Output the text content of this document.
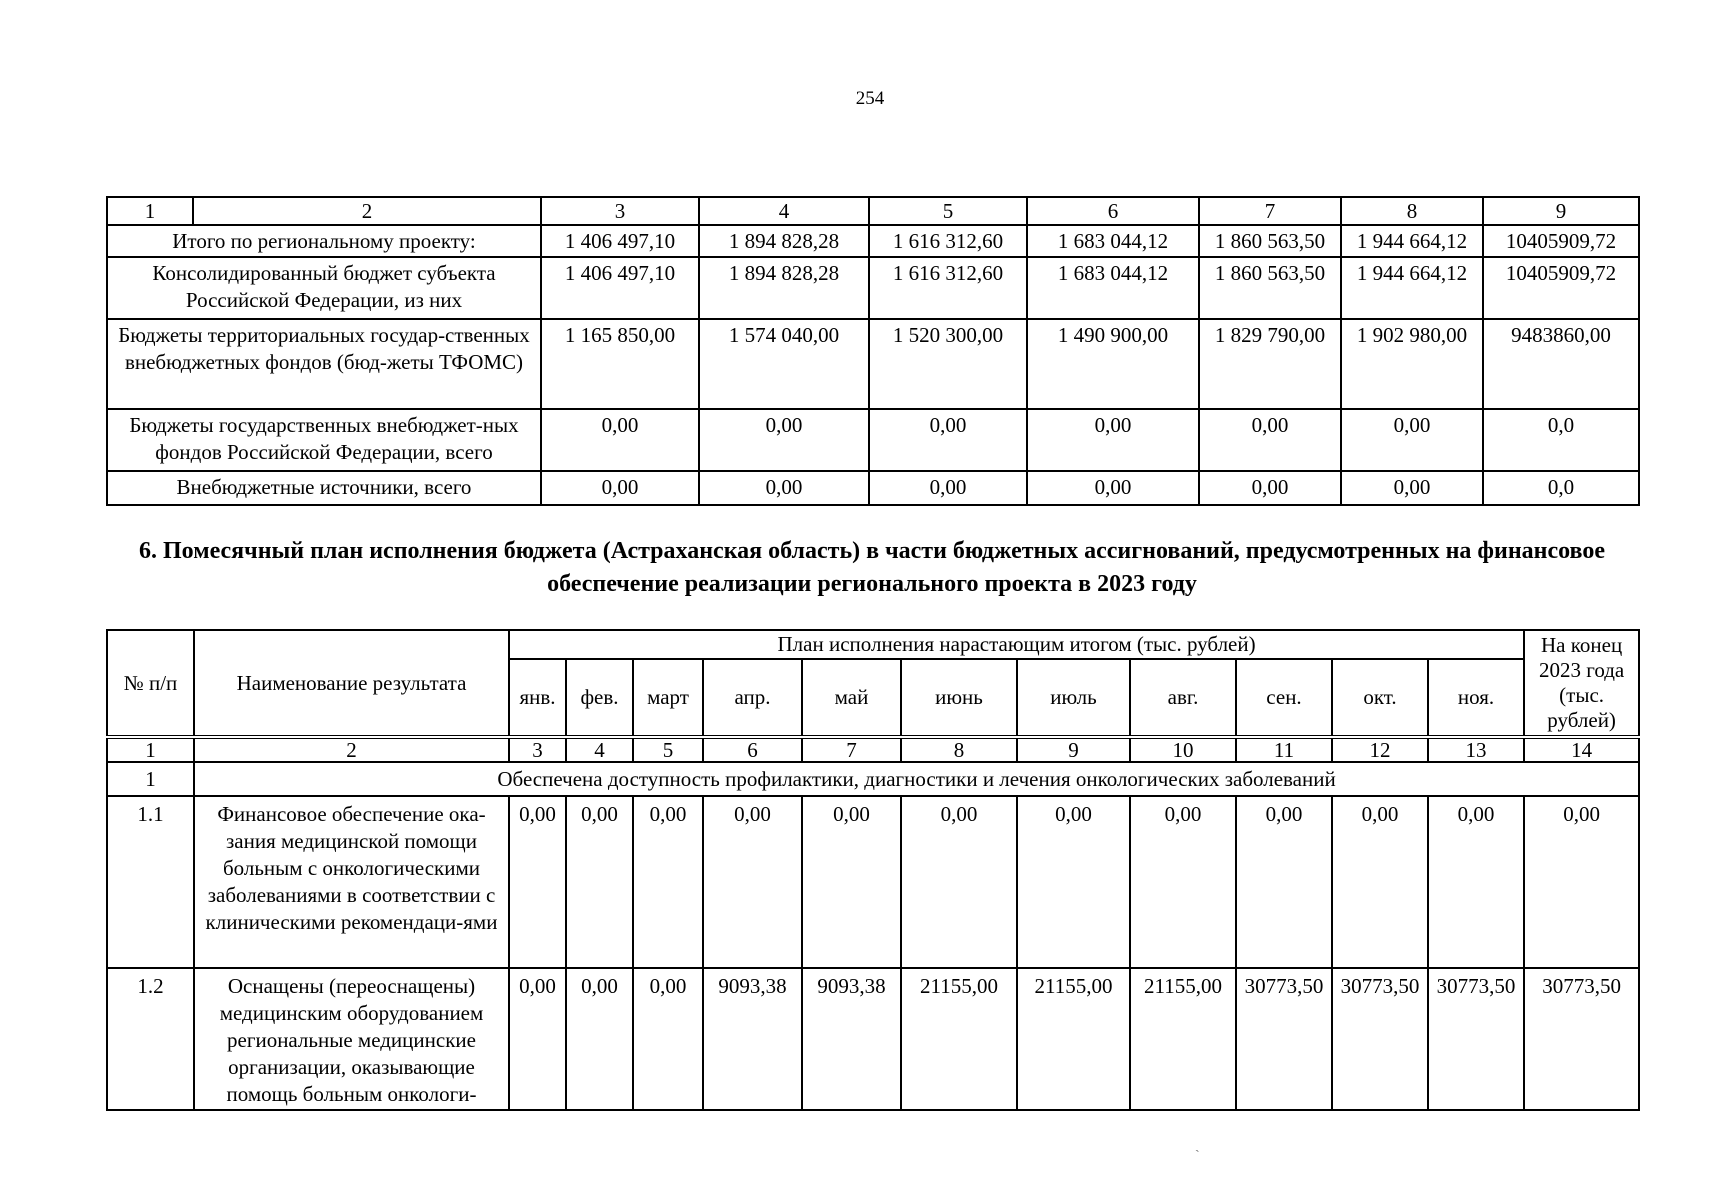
254
1	2	3	4	5	6	7	8	9
Итого по региональному проекту:		1 406 497,10	1 894 828,28	1 616 312,60	1 683 044,12	1 860 563,50	1 944 664,12	10405909,72
Консолидированный бюджет субъекта Российской Федерации, из них		1 406 497,10	1 894 828,28	1 616 312,60	1 683 044,12	1 860 563,50	1 944 664,12	10405909,72
Бюджеты территориальных государ-ственных внебюджетных фондов (бюд-жеты ТФОМС)		1 165 850,00	1 574 040,00	1 520 300,00	1 490 900,00	1 829 790,00	1 902 980,00	9483860,00
Бюджеты государственных внебюджет-ных фондов Российской Федерации, всего		0,00	0,00	0,00	0,00	0,00	0,00	0,0
Внебюджетные источники, всего		0,00	0,00	0,00	0,00	0,00	0,00	0,0
6. Помесячный план исполнения бюджета (Астраханская область) в части бюджетных ассигнований, предусмотренных на финансовое обеспечение реализации регионального проекта в 2023 году
№ п/п	Наименование результата	План исполнения нарастающим итогом (тыс. рублей)											На конец 2023 года (тыс. рублей)
		янв.	фев.	март	апр.	май	июнь	июль	авг.	сен.	окт.	ноя.	
1	2	3	4	5	6	7	8	9	10	11	12	13	14
1	Обеспечена доступность профилактики, диагностики и лечения онкологических заболеваний												
1.1	Финансовое обеспечение ока-зания медицинской помощи больным с онкологическими заболеваниями в соответствии с клиническими рекомендаци-ями	0,00	0,00	0,00	0,00	0,00	0,00	0,00	0,00	0,00	0,00	0,00	0,00
1.2	Оснащены (переоснащены) медицинским оборудованием региональные медицинские организации, оказывающие помощь больным онкологи-	0,00	0,00	0,00	9093,38	9093,38	21155,00	21155,00	21155,00	30773,50	30773,50	30773,50	30773,50
ˏ
